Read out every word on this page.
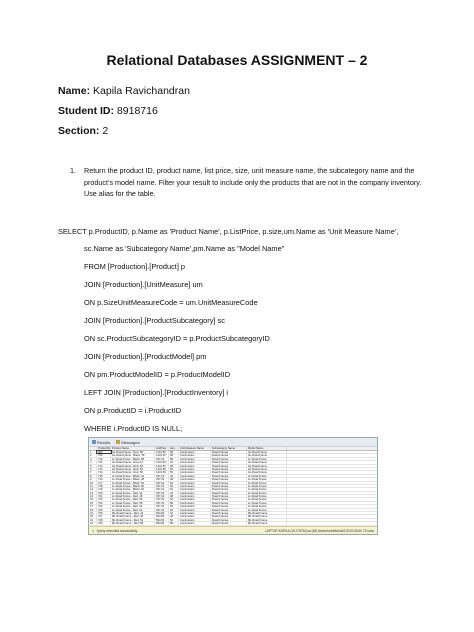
Relational Databases ASSIGNMENT – 2
Name: Kapila Ravichandran
Student ID: 8918716
Section: 2
1. Return the product ID, product name, list price, size, unit measure name, the subcategory name and the product’s model name. Filter your result to include only the products that are not in the company inventory. Use alias for the table.
SELECT p.ProductID, p.Name as 'Product Name', p.ListPrice, p.size,um.Name as 'Unit Measure Name',
sc.Name as 'Subcategory Name',pm.Name as "Model Name"
FROM [Production].[Product] p
JOIN [Production].[UnitMeasure] um
ON p.SizeUnitMeasureCode = um.UnitMeasureCode
JOIN [Production].[ProductSubcategory] sc
ON sc.ProductSubcategoryID = p.ProductSubcategoryID
JOIN [Production].[ProductModel] pm
ON pm.ProductModelID = p.ProductModelID
LEFT JOIN [Production].[ProductInventory] i
ON p.ProductID = i.ProductID
WHERE i.ProductID IS NULL;
Results	Messages
ProductID Product Name	ListPrice	size	Unit Measure Name	Subcategory Name	Model Name
1	980	HL Road Frame - Red, 58	1431.50	58	Centimeters	Road Frames	HL Road Frame
2	709	HL Road Frame - Black, 58	1431.50	58	Centimeters	Road Frames	HL Road Frame
3	710	LL Road Frame - Black, 58	337.22	58	Centimeters	Road Frames	LL Road Frame
4	711	HL Road Frame - Red, 44	1431.50	44	Centimeters	Road Frames	HL Road Frame
5	712	HL Road Frame - Red, 48	1431.50	48	Centimeters	Road Frames	HL Road Frame
6	713	HL Road Frame - Red, 52	1431.50	52	Centimeters	Road Frames	HL Road Frame
7	714	HL Road Frame - Red, 56	1431.50	56	Centimeters	Road Frames	HL Road Frame
8	715	LL Road Frame - Black, 44	337.22	44	Centimeters	Road Frames	LL Road Frame
9	716	LL Road Frame - Black, 48	337.22	48	Centimeters	Road Frames	LL Road Frame
10	717	LL Road Frame - Black, 52	337.22	52	Centimeters	Road Frames	LL Road Frame
11	718	LL Road Frame - Black, 60	337.22	60	Centimeters	Road Frames	LL Road Frame
12	719	LL Road Frame - Black, 62	337.22	62	Centimeters	Road Frames	LL Road Frame
13	720	LL Road Frame - Red, 44	337.22	44	Centimeters	Road Frames	LL Road Frame
14	721	LL Road Frame - Red, 48	337.22	48	Centimeters	Road Frames	LL Road Frame
15	722	LL Road Frame - Red, 52	337.22	52	Centimeters	Road Frames	LL Road Frame
16	723	LL Road Frame - Red, 58	337.22	58	Centimeters	Road Frames	LL Road Frame
17	724	LL Road Frame - Red, 60	337.22	60	Centimeters	Road Frames	LL Road Frame
18	725	LL Road Frame - Red, 62	337.22	62	Centimeters	Road Frames	LL Road Frame
19	726	ML Road Frame - Red, 44	594.83	44	Centimeters	Road Frames	ML Road Frame
20	727	ML Road Frame - Red, 48	594.83	48	Centimeters	Road Frames	ML Road Frame
21	728	ML Road Frame - Red, 52	594.83	52	Centimeters	Road Frames	ML Road Frame
22	729	ML Road Frame - Red, 58	594.83	58	Centimeters	Road Frames	ML Road Frame
✔ Query executed successfully.	LAPTOP-KAPILA (16.0 RTM) sa (62) AdventureWorks2019 00:00:00 73 rows
